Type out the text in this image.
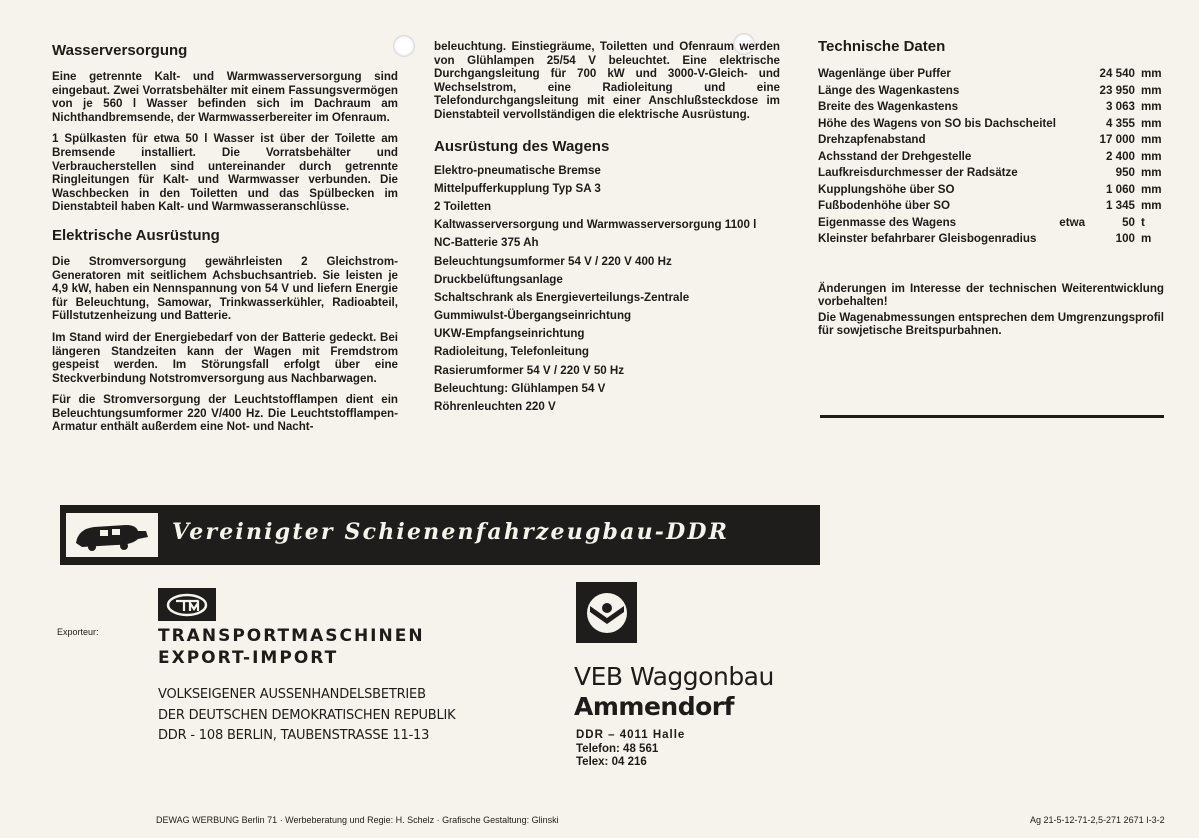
Wasserversorgung

Eine getrennte Kalt- und Warmwasserversorgung sind eingebaut. Zwei Vorratsbehälter mit einem Fassungsvermögen von je 560 l Wasser befinden sich im Dachraum am Nichthandbremsende, der Warmwasserbereiter im Ofenraum.

1 Spülkasten für etwa 50 l Wasser ist über der Toilette am Bremsende installiert. Die Vorratsbehälter und Verbraucherstellen sind untereinander durch getrennte Ringleitungen für Kalt- und Warmwasser verbunden. Die Waschbecken in den Toiletten und das Spülbecken im Dienstabteil haben Kalt- und Warmwasseranschlüsse.

Elektrische Ausrüstung

Die Stromversorgung gewährleisten 2 Gleichstrom-Generatoren mit seitlichem Achsbuchsantrieb. Sie leisten je 4,9 kW, haben ein Nennspannung von 54 V und liefern Energie für Beleuchtung, Samowar, Trinkwasserkühler, Radioabteil, Füllstutzenheizung und Batterie.

Im Stand wird der Energiebedarf von der Batterie gedeckt. Bei längeren Standzeiten kann der Wagen mit Fremdstrom gespeist werden. Im Störungsfall erfolgt über eine Steckverbindung Notstromversorgung aus Nachbarwagen.

Für die Stromversorgung der Leuchtstofflampen dient ein Beleuchtungsumformer 220 V/400 Hz. Die Leuchtstofflampen-Armatur enthält außerdem eine Not- und Nacht-

beleuchtung. Einstiegräume, Toiletten und Ofenraum werden von Glühlampen 25/54 V beleuchtet. Eine elektrische Durchgangsleitung für 700 kW und 3000-V-Gleich- und Wechselstrom, eine Radioleitung und eine Telefondurchgangsleitung mit einer Anschlußsteckdose im Dienstabteil vervollständigen die elektrische Ausrüstung.

Ausrüstung des Wagens
Elektro-pneumatische Bremse
Mittelpufferkupplung Typ SA 3
2 Toiletten
Kaltwasserversorgung und Warmwasserversorgung 1100 l
NC-Batterie 375 Ah
Beleuchtungsumformer 54 V / 220 V 400 Hz
Druckbelüftungsanlage
Schaltschrank als Energieverteilungs-Zentrale
Gummiwulst-Übergangseinrichtung
UKW-Empfangseinrichtung
Radioleitung, Telefonleitung
Rasierumformer 54 V / 220 V 50 Hz
Beleuchtung: Glühlampen 54 V
Röhrenleuchten 220 V
Technische Daten
Wagenlänge über Puffer		24 540	mm
Länge des Wagenkastens		23 950	mm
Breite des Wagenkastens		3 063	mm
Höhe des Wagens von SO bis Dachscheitel		4 355	mm
Drehzapfenabstand		17 000	mm
Achsstand der Drehgestelle		2 400	mm
Laufkreisdurchmesser der Radsätze		950	mm
Kupplungshöhe über SO		1 060	mm
Fußbodenhöhe über SO		1 345	mm
Eigenmasse des Wagens	etwa	50	t
Kleinster befahrbarer Gleisbogenradius		100	m

Änderungen im Interesse der technischen Weiterentwicklung vorbehalten!

Die Wagenabmessungen entsprechen dem Umgrenzungsprofil für sowjetische Breitspurbahnen.

Vereinigter Schienenfahrzeugbau-DDR
Exporteur:	TRANSPORTMASCHINEN
EXPORT-IMPORT
VOLKSEIGENER AUSSENHANDELSBETRIEB
DER DEUTSCHEN DEMOKRATISCHEN REPUBLIK
DDR - 108 BERLIN, TAUBENSTRASSE 11-13
VEB Waggonbau
Ammendorf
DDR – 4011 Halle
Telefon: 48 561
Telex: 04 216
DEWAG WERBUNG Berlin 71 · Werbeberatung und Regie: H. Schelz · Grafische Gestaltung: Glinski	Ag 21-5-12-71-2,5-271 2671 I-3-2
